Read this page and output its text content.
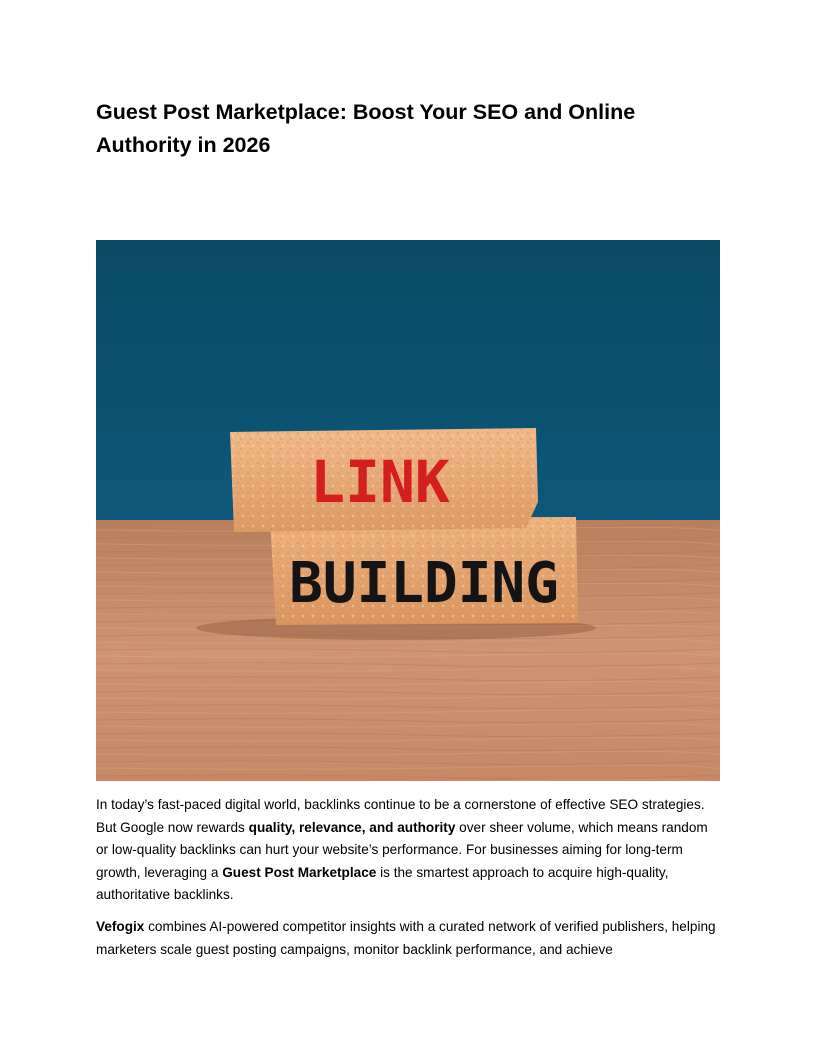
Guest Post Marketplace: Boost Your SEO and Online Authority in 2026
LINK
BUILDING

In today’s fast-paced digital world, backlinks continue to be a cornerstone of effective SEO strategies. But Google now rewards quality, relevance, and authority over sheer volume, which means random or low-quality backlinks can hurt your website’s performance. For businesses aiming for long-term growth, leveraging a Guest Post Marketplace is the smartest approach to acquire high-quality, authoritative backlinks.

Vefogix combines AI-powered competitor insights with a curated network of verified publishers, helping marketers scale guest posting campaigns, monitor backlink performance, and achieve
